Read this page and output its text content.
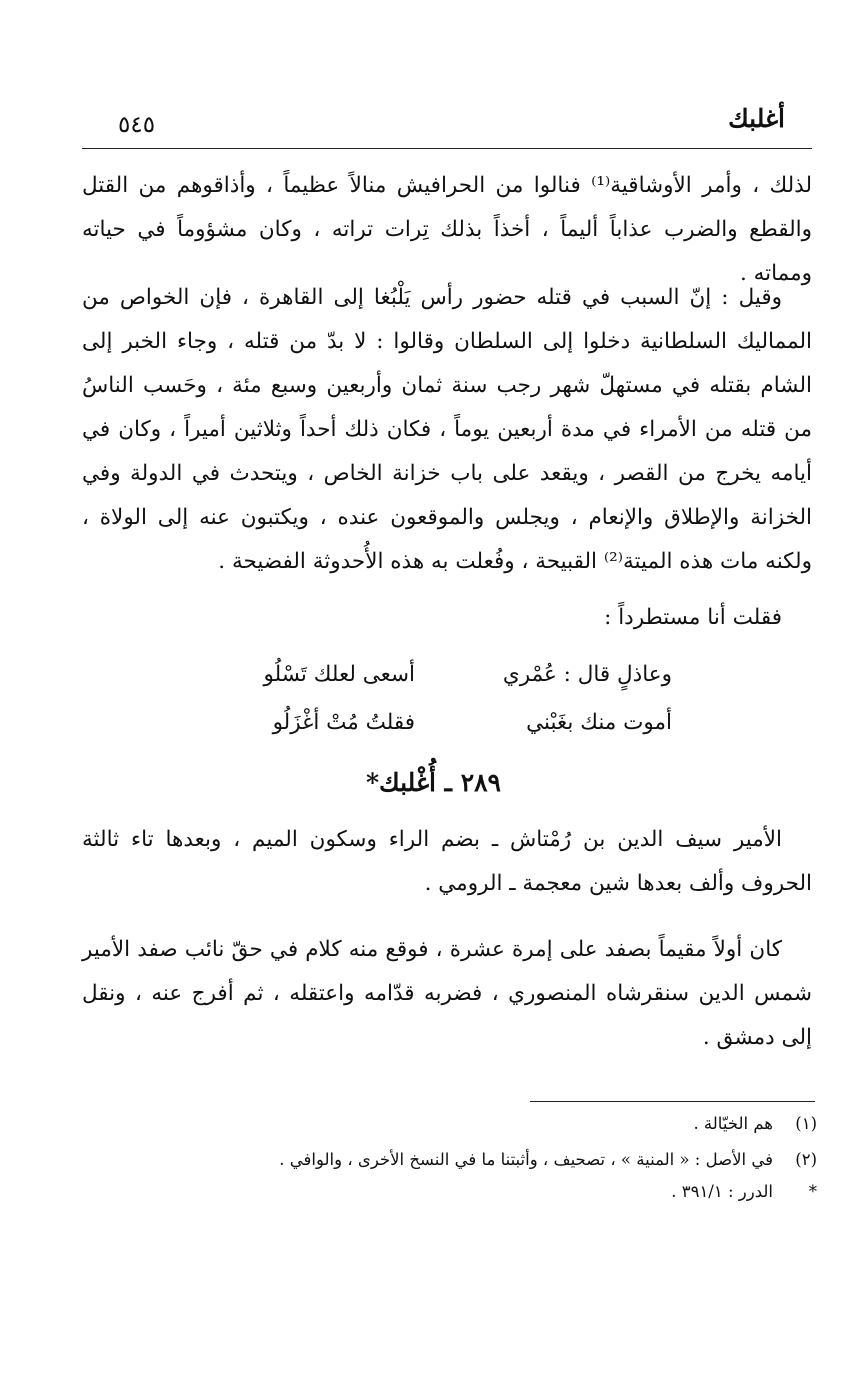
أغلبك
٥٤٥

لذلك ، وأمر الأوشاقية⁽¹⁾ فنالوا من الحرافيش منالاً عظيماً ، وأذاقوهم من القتل والقطع والضرب عذاباً أليماً ، أخذاً بذلك تِرات تراته ، وكان مشؤوماً في حياته ومماته .

وقيل : إنّ السبب في قتله حضور رأس يَلْبُغا إلى القاهرة ، فإن الخواص من المماليك السلطانية دخلوا إلى السلطان وقالوا : لا بدّ من قتله ، وجاء الخبر إلى الشام بقتله في مستهلّ شهر رجب سنة ثمان وأربعين وسبع مئة ، وحَسب الناسُ من قتله من الأمراء في مدة أربعين يوماً ، فكان ذلك أحداً وثلاثين أميراً ، وكان في أيامه يخرج من القصر ، ويقعد على باب خزانة الخاص ، ويتحدث في الدولة وفي الخزانة والإطلاق والإنعام ، ويجلس والموقعون عنده ، ويكتبون عنه إلى الولاة ، ولكنه مات هذه الميتة⁽²⁾ القبيحة ، وفُعلت به هذه الأُحدوثة الفضيحة .

فقلت أنا مستطرداً :

وعاذلٍ قال : عُمْري
أسعى لعلك تَسْلُو
أموت منك بغَبْني
فقلتُ مُتْ أغْزَلُو
٢٨٩ ـ أُغْلبك*

الأمير سيف الدين بن رُمْتاش ـ بضم الراء وسكون الميم ، وبعدها تاء ثالثة الحروف وألف بعدها شين معجمة ـ الرومي .

كان أولاً مقيماً بصفد على إمرة عشرة ، فوقع منه كلام في حقّ نائب صفد الأمير شمس الدين سنقرشاه المنصوري ، فضربه قدّامه واعتقله ، ثم أفرج عنه ، ونقل إلى دمشق .

(١)هم الخيّالة .
(٢)في الأصل : « المنية » ، تصحيف ، وأثبتنا ما في النسخ الأخرى ، والوافي .
*الدرر : ٣٩١/١ .
